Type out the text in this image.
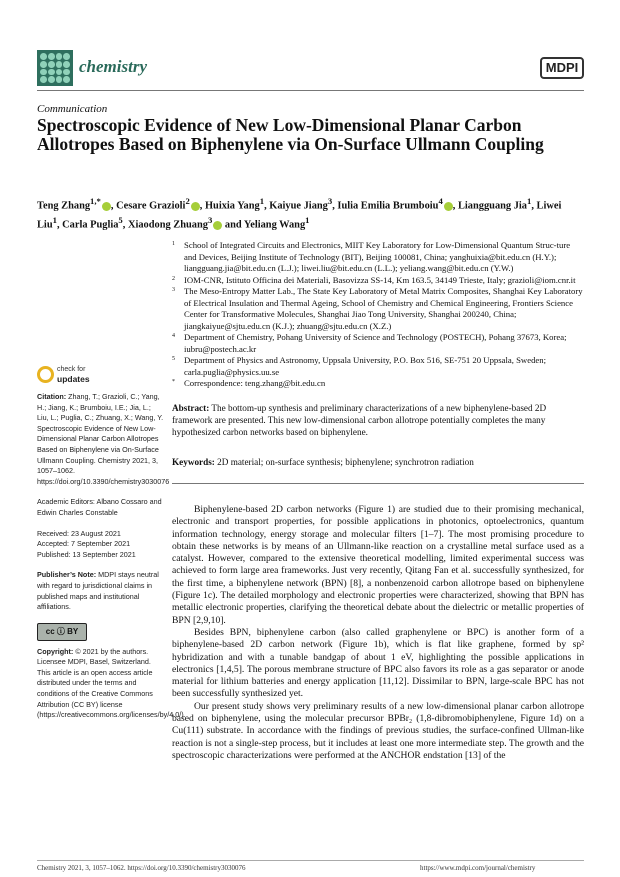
chemistry	MDPI
Communication
Spectroscopic Evidence of New Low-Dimensional Planar Carbon Allotropes Based on Biphenylene via On-Surface Ullmann Coupling
Teng Zhang$^{1,*}$ , Cesare Grazioli$^2$ , Huixia Yang$^1$, Kaiyue Jiang$^3$, Iulia Emilia Brumboiu$^4$ , Liangguang Jia$^1$, Liwei Liu$^1$, Carla Puglia$^5$, Xiaodong Zhuang$^3$ and Yeliang Wang$^1$
1	School of Integrated Circuits and Electronics, MIIT Key Laboratory for Low-Dimensional Quantum Struc-ture and Devices, Beijing Institute of Technology (BIT), Beijing 100081, China; yanghuixia@bit.edu.cn (H.Y.); liangguang.jia@bit.edu.cn (L.J.); liwei.liu@bit.edu.cn (L.L.); yeliang.wang@bit.edu.cn (Y.W.)
2	IOM-CNR, Istituto Officina dei Materiali, Basovizza SS-14, Km 163.5, 34149 Trieste, Italy; grazioli@iom.cnr.it
3	The Meso-Entropy Matter Lab., The State Key Laboratory of Metal Matrix Composites, Shanghai Key Laboratory of Electrical Insulation and Thermal Ageing, School of Chemistry and Chemical Engineering, Frontiers Science Center for Transformative Molecules, Shanghai Jiao Tong University, Shanghai 200240, China; jiangkaiyue@sjtu.edu.cn (K.J.); zhuang@sjtu.edu.cn (X.Z.)
4	Department of Chemistry, Pohang University of Science and Technology (POSTECH), Pohang 37673, Korea; iubru@postech.ac.kr
5	Department of Physics and Astronomy, Uppsala University, P.O. Box 516, SE-751 20 Uppsala, Sweden; carla.puglia@physics.uu.se
*	Correspondence: teng.zhang@bit.edu.cn
check for
updates

Citation: Zhang, T.; Grazioli, C.; Yang, H.; Jiang, K.; Brumboiu, I.E.; Jia, L.; Liu, L.; Puglia, C.; Zhuang, X.; Wang, Y. Spectroscopic Evidence of New Low-Dimensional Planar Carbon Allotropes Based on Biphenylene via On-Surface Ullmann Coupling. Chemistry 2021, 3, 1057–1062. https://doi.org/10.3390/chemistry3030076

Academic Editors: Albano Cossaro and Edwin Charles Constable

Received: 23 August 2021
Accepted: 7 September 2021
Published: 13 September 2021

Publisher’s Note: MDPI stays neutral with regard to jurisdictional claims in published maps and institutional affiliations.

cc ⓘ BY

Copyright: © 2021 by the authors. Licensee MDPI, Basel, Switzerland. This article is an open access article distributed under the terms and conditions of the Creative Commons Attribution (CC BY) license (https://creativecommons.org/licenses/by/4.0/).

Abstract: The bottom-up synthesis and preliminary characterizations of a new biphenylene-based 2D framework are presented. This new low-dimensional carbon allotrope potentially completes the many hypothesized carbon networks based on biphenylene.
Keywords: 2D material; on-surface synthesis; biphenylene; synchrotron radiation

Biphenylene-based 2D carbon networks (Figure 1) are studied due to their promising mechanical, electronic and transport properties, for possible applications in photonics, optoelectronics, quantum information technology, energy storage and molecular filters [1–7]. The most promising procedure to obtain these networks is by means of an Ullmann-like reaction on a crystalline metal surface used as a catalyst. However, compared to the extensive theoretical modelling, limited experimental success was achieved to form large area frameworks. Just very recently, Qitang Fan et al. successfully synthesized, for the first time, a biphenylene network (BPN) [8], a nonbenzenoid carbon allotrope based on biphenylene (Figure 1c). The detailed morphology and electronic properties were characterized, showing that BPN has metallic electronic properties, clarifying the theoretical debate about the dielectric or metallic properties of BPN [2,9,10].

Besides BPN, biphenylene carbon (also called graphenylene or BPC) is another form of a biphenylene-based 2D carbon network (Figure 1b), which is flat like graphene, formed by sp² hybridization and with a tunable bandgap of about 1 eV, highlighting the possible applications in electronics [1,4,5]. The porous membrane structure of BPC also favors its role as a gas separator or anode material for lithium batteries and energy application [11,12]. Dissimilar to BPN, large-scale BPC has not been successfully synthesized yet.

Our present study shows very preliminary results of a new low-dimensional planar carbon allotrope based on biphenylene, using the molecular precursor BPBr₂ (1,8-dibromobiphenylene, Figure 1d) on a Cu(111) substrate. In accordance with the findings of previous studies, the surface-confined Ullman-like reaction is not a single-step process, but it includes at least one more intermediate step. The growth and the spectroscopic characterizations were performed at the ANCHOR endstation [13] of the

Chemistry 2021, 3, 1057–1062. https://doi.org/10.3390/chemistry3030076	https://www.mdpi.com/journal/chemistry
